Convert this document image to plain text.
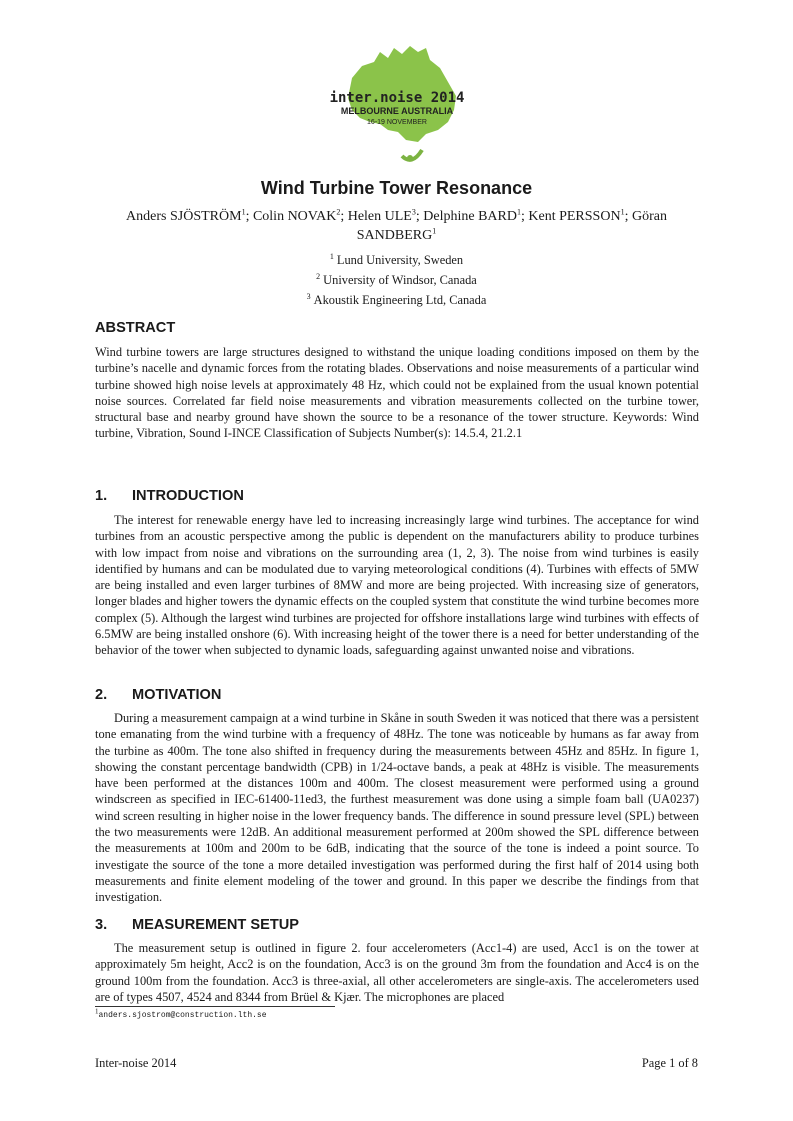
inter.noise 2014
MELBOURNE AUSTRALIA
16-19 NOVEMBER
Wind Turbine Tower Resonance
Anders SJÖSTRÖM$^1$; Colin NOVAK$^2$; Helen ULE$^3$; Delphine BARD$^1$; Kent PERSSON$^1$; Göran SANDBERG$^1$
$^1$ Lund University, Sweden
$^2$ University of Windsor, Canada
$^3$ Akoustik Engineering Ltd, Canada
ABSTRACT

Wind turbine towers are large structures designed to withstand the unique loading conditions imposed on them by the turbine’s nacelle and dynamic forces from the rotating blades. Observations and noise measurements of a particular wind turbine showed high noise levels at approximately 48 Hz, which could not be explained from the usual known potential noise sources. Correlated far field noise measurements and vibration measurements collected on the turbine tower, structural base and nearby ground have shown the source to be a resonance of the tower structure. Keywords: Wind turbine, Vibration, Sound I-INCE Classification of Subjects Number(s): 14.5.4, 21.2.1

1. INTRODUCTION

The interest for renewable energy have led to increasing increasingly large wind turbines. The acceptance for wind turbines from an acoustic perspective among the public is dependent on the manufacturers ability to produce turbines with low impact from noise and vibrations on the surrounding area (1, 2, 3). The noise from wind turbines is easily identified by humans and can be modulated due to varying meteorological conditions (4). Turbines with effects of 5MW are being installed and even larger turbines of 8MW and more are being projected. With increasing size of generators, longer blades and higher towers the dynamic effects on the coupled system that constitute the wind turbine becomes more complex (5). Although the largest wind turbines are projected for offshore installations large wind turbines with effects of 6.5MW are being installed onshore (6). With increasing height of the tower there is a need for better understanding of the behavior of the tower when subjected to dynamic loads, safeguarding against unwanted noise and vibrations.

2. MOTIVATION

During a measurement campaign at a wind turbine in Skåne in south Sweden it was noticed that there was a persistent tone emanating from the wind turbine with a frequency of 48Hz. The tone was noticeable by humans as far away from the turbine as 400m. The tone also shifted in frequency during the measurements between 45Hz and 85Hz. In figure 1, showing the constant percentage bandwidth (CPB) in 1/24-octave bands, a peak at 48Hz is visible. The measurements have been performed at the distances 100m and 400m. The closest measurement were performed using a ground windscreen as specified in IEC-61400-11ed3, the furthest measurement was done using a simple foam ball (UA0237) wind screen resulting in higher noise in the lower frequency bands. The difference in sound pressure level (SPL) between the two measurements were 12dB. An additional measurement performed at 200m showed the SPL difference between the measurements at 100m and 200m to be 6dB, indicating that the source of the tone is indeed a point source. To investigate the source of the tone a more detailed investigation was performed during the first half of 2014 using both measurements and finite element modeling of the tower and ground. In this paper we describe the findings from that investigation.

3. MEASUREMENT SETUP

The measurement setup is outlined in figure 2. four accelerometers (Acc1-4) are used, Acc1 is on the tower at approximately 5m height, Acc2 is on the foundation, Acc3 is on the ground 3m from the foundation and Acc4 is on the ground 100m from the foundation. Acc3 is three-axial, all other accelerometers are single-axis. The accelerometers used are of types 4507, 4524 and 8344 from Brüel & Kjær. The microphones are placed

1anders.sjostrom@construction.lth.se
Inter-noise 2014	Page 1 of 8
